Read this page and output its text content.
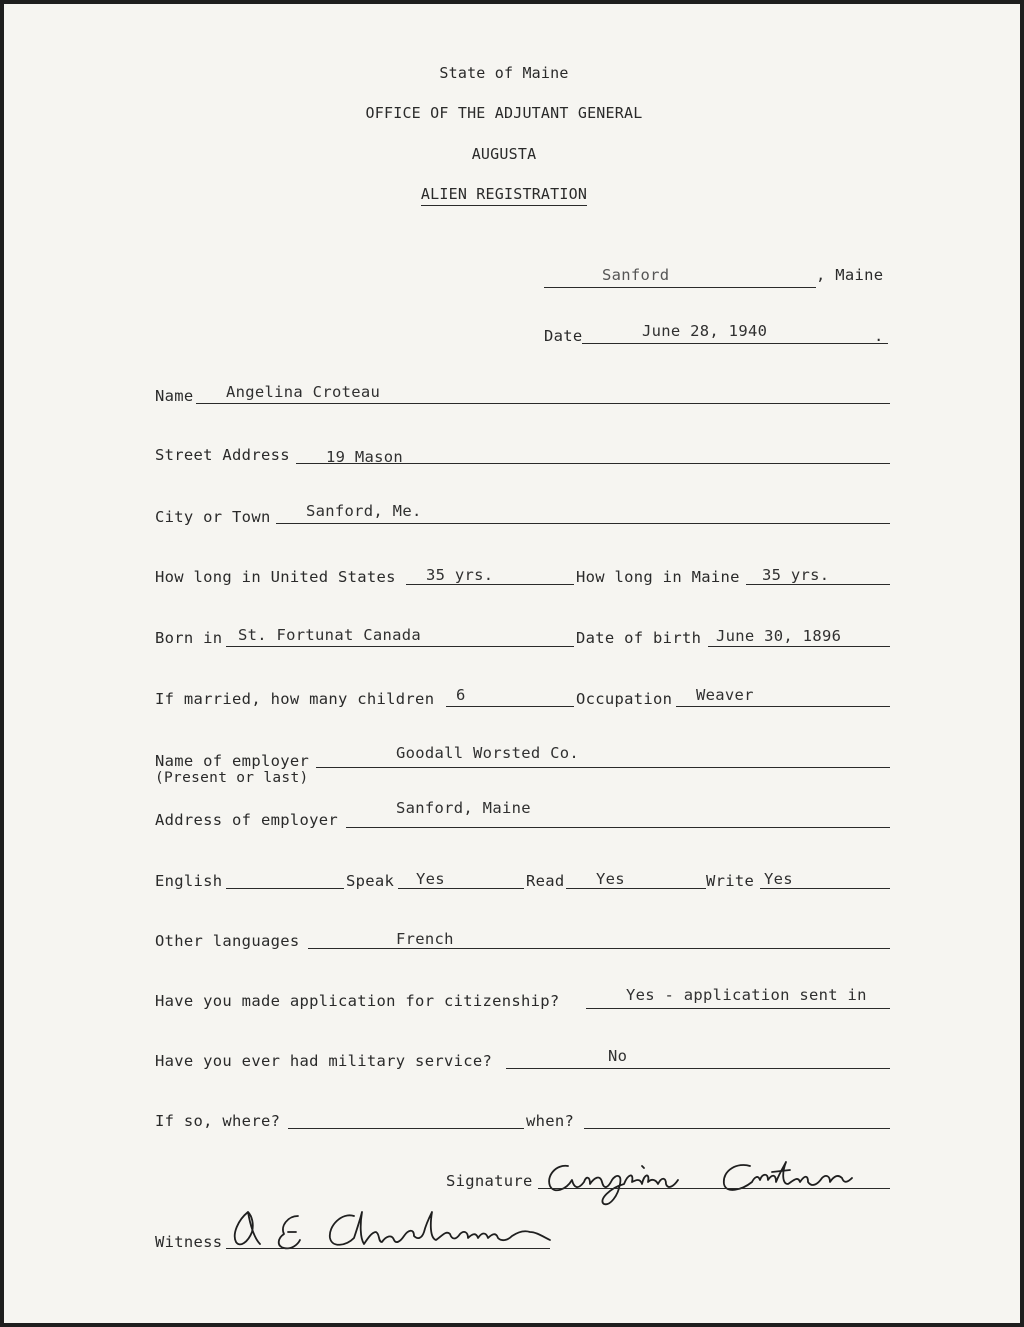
State of Maine
OFFICE OF THE ADJUTANT GENERAL
AUGUSTA
ALIEN REGISTRATION
Sanford	, Maine
Date	June 28, 1940	.
Name Angelina Croteau
Street Address 19 Mason
City or Town Sanford, Me.
How long in United States 35 yrs.	How long in Maine 35 yrs.
Born in St. Fortunat Canada	Date of birth June 30, 1896
If married, how many children 6	Occupation Weaver
Name of employer
(Present or last)
Goodall Worsted Co.
Address of employer
Sanford, Maine
English	Speak Yes	Read Yes	Write Yes
Other languages	French
Have you made application for citizenship?	Yes - application sent in
Have you ever had military service?	No
If so, where?	when?
Signature
Witness
